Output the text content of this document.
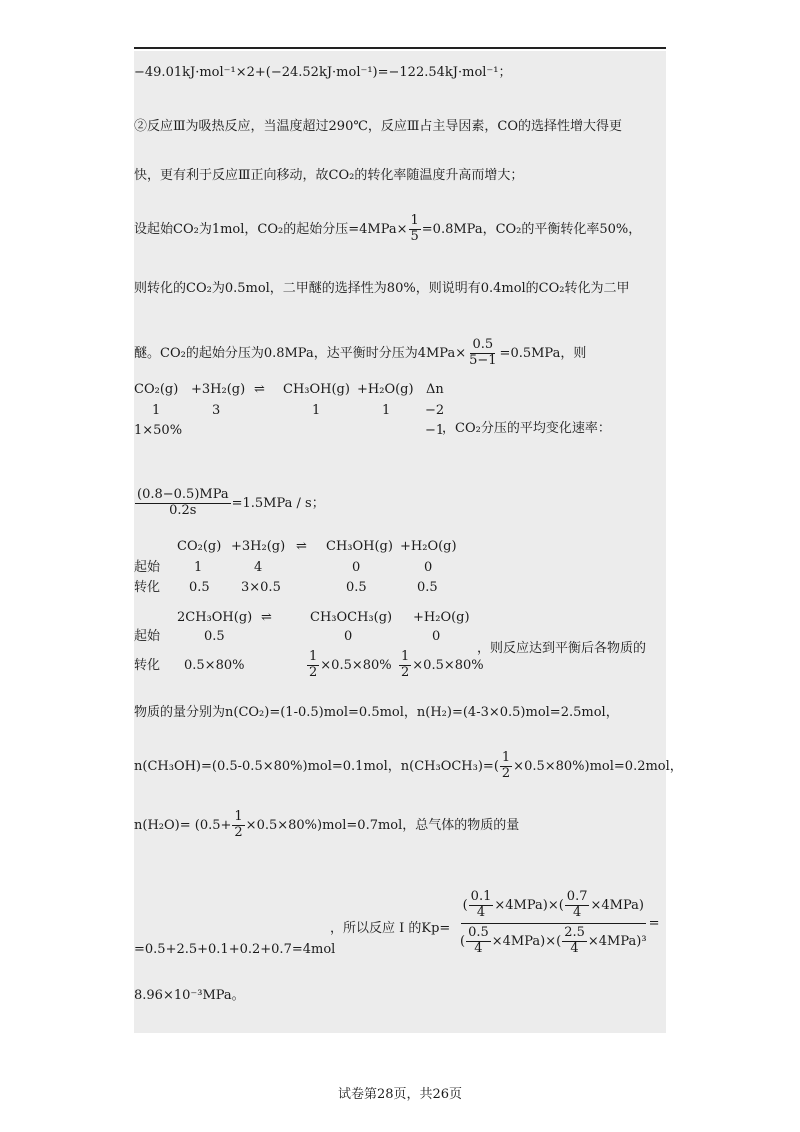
−49.01kJ·mol⁻¹×2+(−24.52kJ·mol⁻¹)=−122.54kJ·mol⁻¹；
②反应Ⅲ为吸热反应，当温度超过290℃，反应Ⅲ占主导因素，CO的选择性增大得更
快，更有利于反应Ⅲ正向移动，故CO₂的转化率随温度升高而增大；
设起始CO₂为1mol，CO₂的起始分压$=4MPa\times \frac{1}{5} =0.8MPa$，CO₂的平衡转化率50%，
则转化的CO₂为0.5mol，二甲醚的选择性为80%，则说明有0.4mol的CO₂转化为二甲
醚。CO₂的起始分压为0.8MPa，达平衡时分压为$4MPa\times \frac{0.5}{5-1} =0.5MPa$，则
CO₂(g) +3H₂(g) ⇌ CH₃OH(g) +H₂O(g) Δn
1	3	1	1	−2
1×50%	−1
，CO₂分压的平均变化速率：
$\frac{\text{(0.8−0.5)MPa}}{0.2s} =1.5MPa / s$；
CO₂(g) +3H₂(g) ⇌ CH₃OH(g) +H₂O(g)
起始	1	4	0	0
转化 0.5 3×0.5	0.5	0.5
2CH₃OH(g) ⇌	CH₃OCH₃(g) +H₂O(g)
起始	0.5	0	0
转化 0.5×80%	$\frac{1}{2} \times 0.5\times 80\% \frac{1}{2} \times 0.5\times 80\%$
，则反应达到平衡后各物质的
物质的量分别为n(CO₂)=(1-0.5)mol=0.5mol，n(H₂)=(4-3×0.5)mol=2.5mol，
n(CH₃OH)=(0.5-0.5×80%)mol=0.1mol，$n(CH_3OCH_3)=( \frac{1}{2} \times 0.5\times 80\%)mol=0.2mol$，
$n(H_2O)= (0.5+ \frac{1}{2} \times 0.5\times 80\%)mol=0.7mol$，总气体的物质的量
=0.5+2.5+0.1+0.2+0.7=4mol
，所以反应 I 的Kp=
( $\frac{0.1}{4} \times 4MPa)\times( \frac{0.7}{4} \times 4MPa)$
( $\frac{0.5}{4} \times 4MPa)\times( \frac{2.5}{4} \times 4MPa)^3$
=
8.96×10⁻³MPa。
试卷第28页，共26页
